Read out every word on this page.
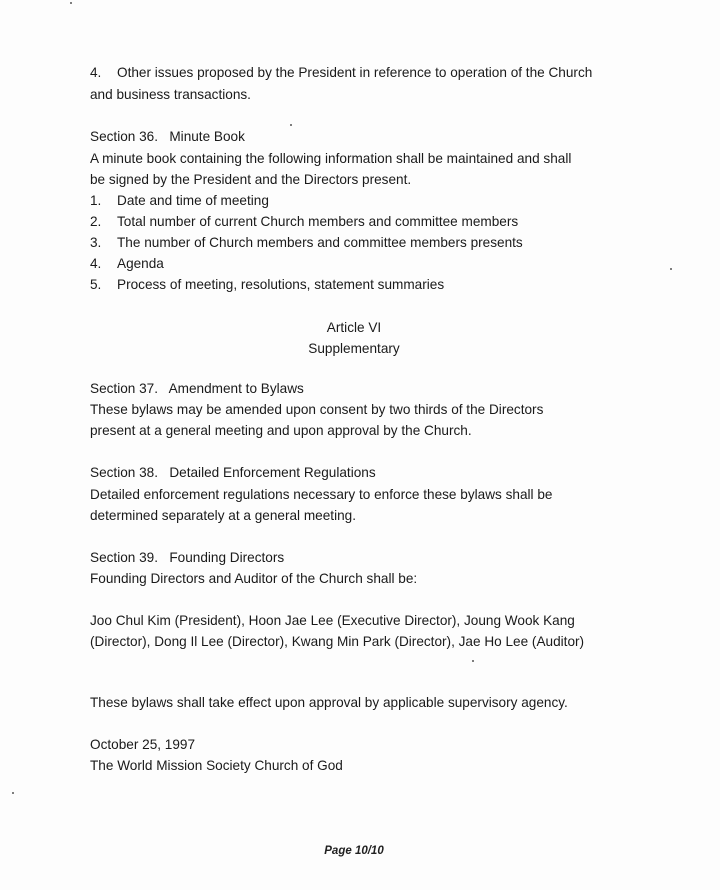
4. Other issues proposed by the President in reference to operation of the Church
and business transactions.
Section 36.   Minute Book
A minute book containing the following information shall be maintained and shall
be signed by the President and the Directors present.
1. Date and time of meeting
2. Total number of current Church members and committee members
3. The number of Church members and committee members presents
4. Agenda
5. Process of meeting, resolutions, statement summaries
Article VI
Supplementary
Section 37.   Amendment to Bylaws
These bylaws may be amended upon consent by two thirds of the Directors
present at a general meeting and upon approval by the Church.
Section 38.   Detailed Enforcement Regulations
Detailed enforcement regulations necessary to enforce these bylaws shall be
determined separately at a general meeting.
Section 39.   Founding Directors
Founding Directors and Auditor of the Church shall be:
Joo Chul Kim (President), Hoon Jae Lee (Executive Director), Joung Wook Kang
(Director), Dong Il Lee (Director), Kwang Min Park (Director), Jae Ho Lee (Auditor)
These bylaws shall take effect upon approval by applicable supervisory agency.
October 25, 1997
The World Mission Society Church of God
Page 10/10
